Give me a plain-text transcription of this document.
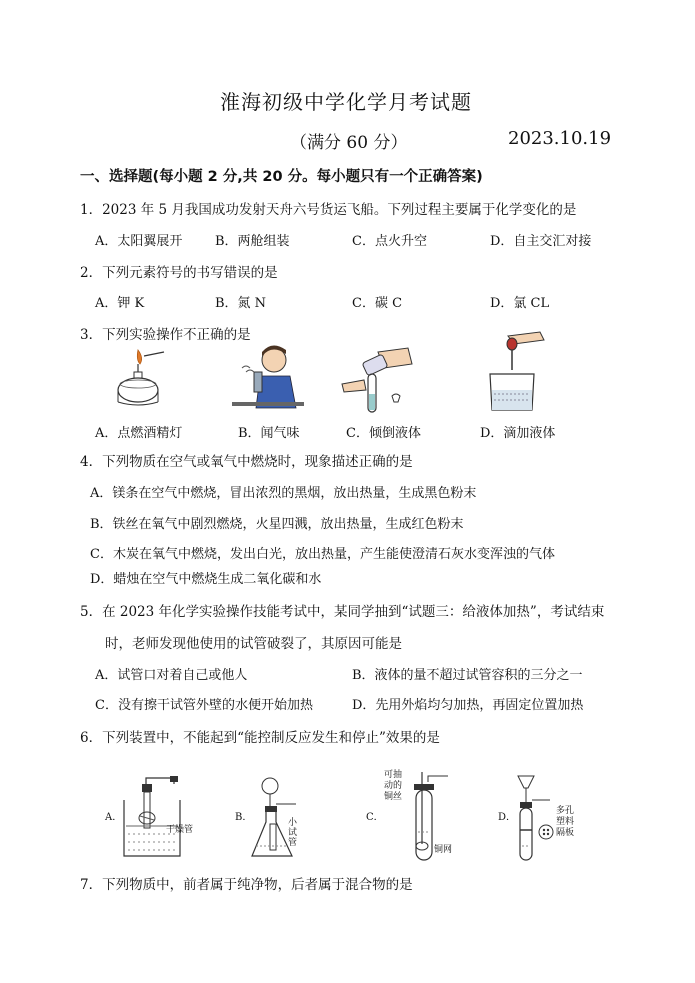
淮海初级中学化学月考试题
（满分 60 分）	2023.10.19
一、选择题(每小题 2 分,共 20 分。每小题只有一个正确答案)
1．2023 年 5 月我国成功发射天舟六号货运飞船。下列过程主要属于化学变化的是
A．太阳翼展开	B．两舱组装	C．点火升空	D．自主交汇对接
2．下列元素符号的书写错误的是
A．钾 K	B．氮 N	C．碳 C	D．氯 CL
3．下列实验操作不正确的是
A．点燃酒精灯	B．闻气味	C．倾倒液体	D．滴加液体
4．下列物质在空气或氧气中燃烧时，现象描述正确的是
A．镁条在空气中燃烧，冒出浓烈的黑烟，放出热量，生成黑色粉末
B．铁丝在氧气中剧烈燃烧，火星四溅，放出热量，生成红色粉末
C．木炭在氧气中燃烧，发出白光，放出热量，产生能使澄清石灰水变浑浊的气体
D．蜡烛在空气中燃烧生成二氧化碳和水
5．在 2023 年化学实验操作技能考试中，某同学抽到“试题三：给液体加热”，考试结束
时，老师发现他使用的试管破裂了，其原因可能是
A．试管口对着自己或他人	B．液体的量不超过试管容积的三分之一
C．没有擦干试管外壁的水便开始加热	D．先用外焰均匀加热，再固定位置加热
6．下列装置中，不能起到“能控制反应发生和停止”效果的是
A．
干燥管
B．	小试管
C．
可抽动的铜丝
铜网
D．
多孔塑料隔板
7．下列物质中，前者属于纯净物，后者属于混合物的是
